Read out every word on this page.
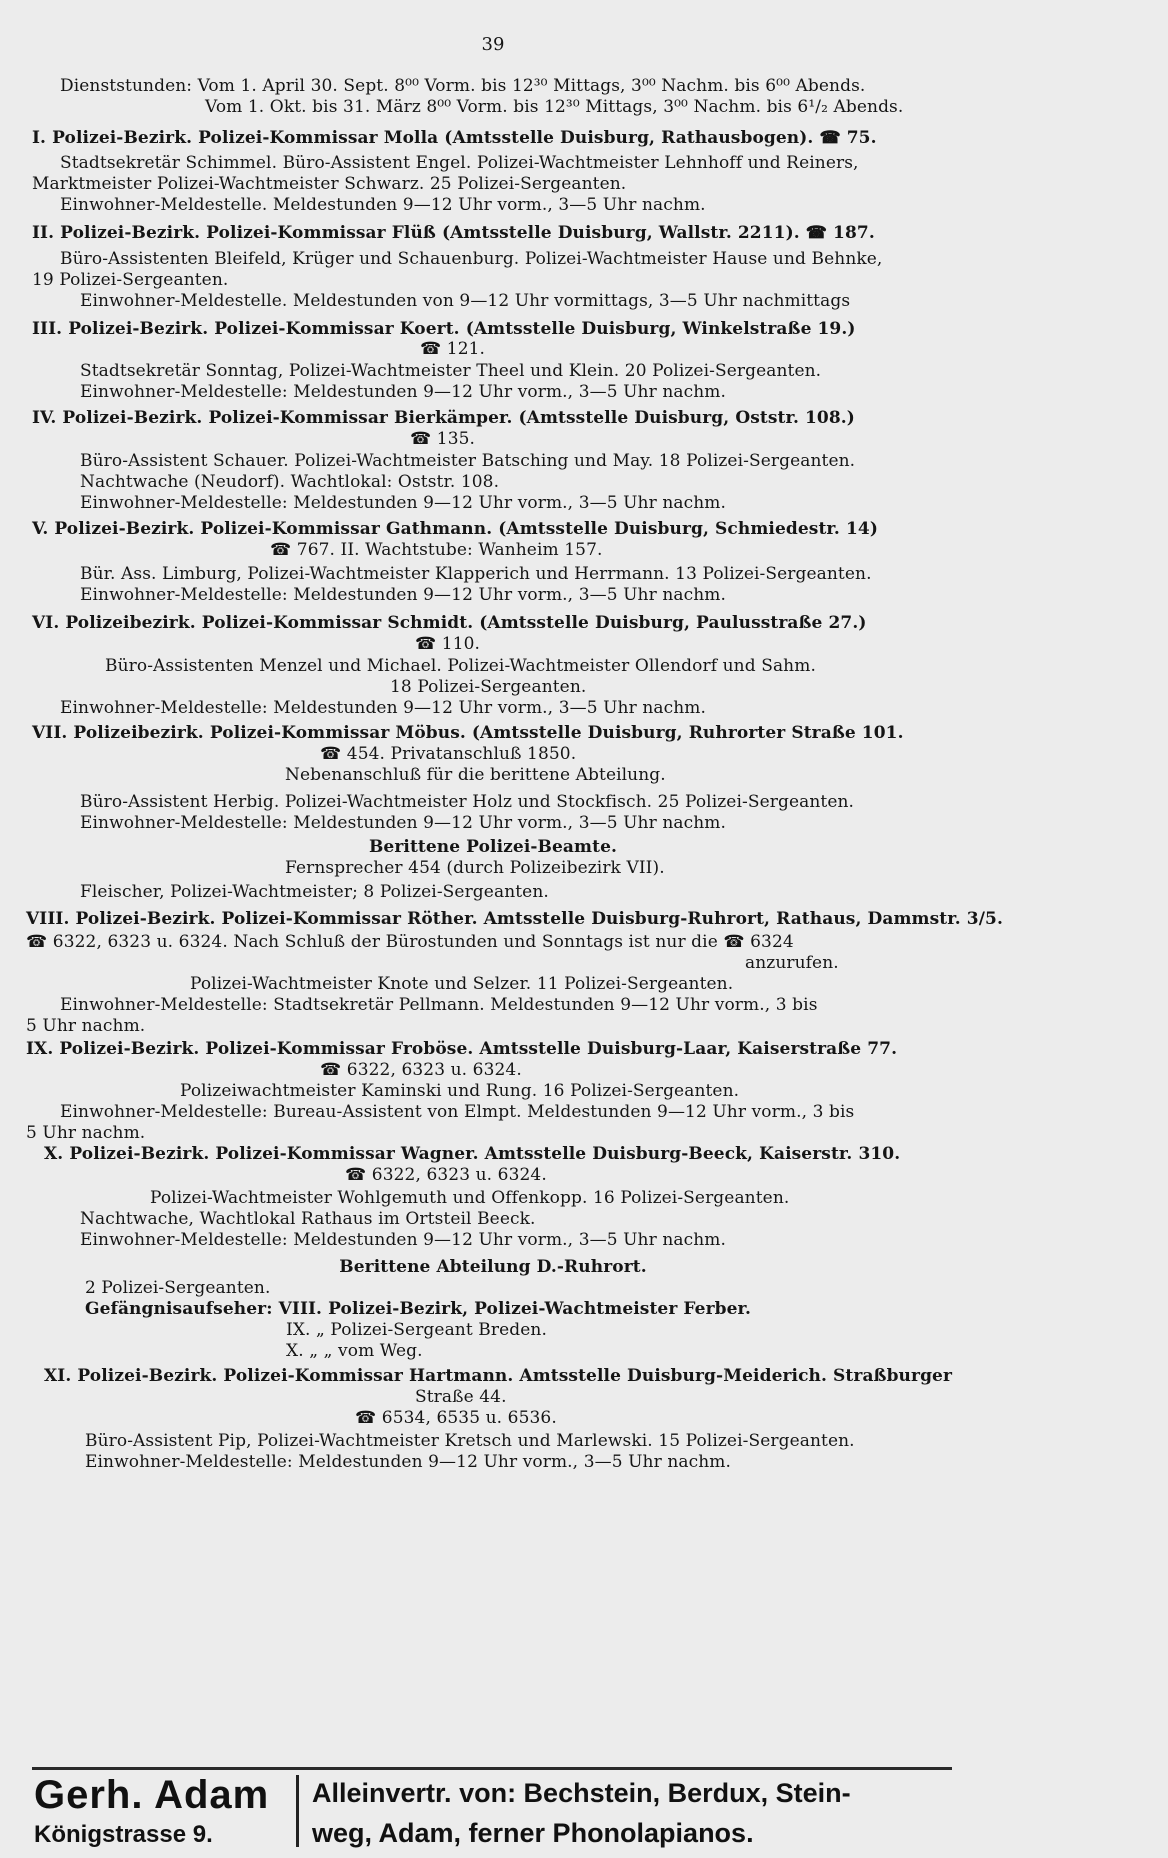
39
Dienststunden: Vom 1. April 30. Sept. 8⁰⁰ Vorm. bis 12³⁰ Mittags, 3⁰⁰ Nachm. bis 6⁰⁰ Abends.
Vom 1. Okt. bis 31. März 8⁰⁰ Vorm. bis 12³⁰ Mittags, 3⁰⁰ Nachm. bis 6¹/₂ Abends.
I. Polizei-Bezirk. Polizei-Kommissar Molla (Amtsstelle Duisburg, Rathausbogen). ☎ 75.
Stadtsekretär Schimmel. Büro-Assistent Engel. Polizei-Wachtmeister Lehnhoff und Reiners,
Marktmeister Polizei-Wachtmeister Schwarz. 25 Polizei-Sergeanten.
Einwohner-Meldestelle. Meldestunden 9—12 Uhr vorm., 3—5 Uhr nachm.
II. Polizei-Bezirk. Polizei-Kommissar Flüß (Amtsstelle Duisburg, Wallstr. 2211). ☎ 187.
Büro-Assistenten Bleifeld, Krüger und Schauenburg. Polizei-Wachtmeister Hause und Behnke,
19 Polizei-Sergeanten.
Einwohner-Meldestelle. Meldestunden von 9—12 Uhr vormittags, 3—5 Uhr nachmittags
III. Polizei-Bezirk. Polizei-Kommissar Koert. (Amtsstelle Duisburg, Winkelstraße 19.)
☎ 121.
Stadtsekretär Sonntag, Polizei-Wachtmeister Theel und Klein. 20 Polizei-Sergeanten.
Einwohner-Meldestelle: Meldestunden 9—12 Uhr vorm., 3—5 Uhr nachm.
IV. Polizei-Bezirk. Polizei-Kommissar Bierkämper. (Amtsstelle Duisburg, Oststr. 108.)
☎ 135.
Büro-Assistent Schauer. Polizei-Wachtmeister Batsching und May. 18 Polizei-Sergeanten.
Nachtwache (Neudorf). Wachtlokal: Oststr. 108.
Einwohner-Meldestelle: Meldestunden 9—12 Uhr vorm., 3—5 Uhr nachm.
V. Polizei-Bezirk. Polizei-Kommissar Gathmann. (Amtsstelle Duisburg, Schmiedestr. 14)
☎ 767. II. Wachtstube: Wanheim 157.
Bür. Ass. Limburg, Polizei-Wachtmeister Klapperich und Herrmann. 13 Polizei-Sergeanten.
Einwohner-Meldestelle: Meldestunden 9—12 Uhr vorm., 3—5 Uhr nachm.
VI. Polizeibezirk. Polizei-Kommissar Schmidt. (Amtsstelle Duisburg, Paulusstraße 27.)
☎ 110.
Büro-Assistenten Menzel und Michael. Polizei-Wachtmeister Ollendorf und Sahm.
18 Polizei-Sergeanten.
Einwohner-Meldestelle: Meldestunden 9—12 Uhr vorm., 3—5 Uhr nachm.
VII. Polizeibezirk. Polizei-Kommissar Möbus. (Amtsstelle Duisburg, Ruhrorter Straße 101.
☎ 454. Privatanschluß 1850.
Nebenanschluß für die berittene Abteilung.
Büro-Assistent Herbig. Polizei-Wachtmeister Holz und Stockfisch. 25 Polizei-Sergeanten.
Einwohner-Meldestelle: Meldestunden 9—12 Uhr vorm., 3—5 Uhr nachm.
Berittene Polizei-Beamte.
Fernsprecher 454 (durch Polizeibezirk VII).
Fleischer, Polizei-Wachtmeister; 8 Polizei-Sergeanten.
VIII. Polizei-Bezirk. Polizei-Kommissar Röther. Amtsstelle Duisburg-Ruhrort, Rathaus, Dammstr. 3/5.
☎ 6322, 6323 u. 6324. Nach Schluß der Bürostunden und Sonntags ist nur die ☎ 6324
anzurufen.
Polizei-Wachtmeister Knote und Selzer. 11 Polizei-Sergeanten.
Einwohner-Meldestelle: Stadtsekretär Pellmann. Meldestunden 9—12 Uhr vorm., 3 bis
5 Uhr nachm.
IX. Polizei-Bezirk. Polizei-Kommissar Froböse. Amtsstelle Duisburg-Laar, Kaiserstraße 77.
☎ 6322, 6323 u. 6324.
Polizeiwachtmeister Kaminski und Rung. 16 Polizei-Sergeanten.
Einwohner-Meldestelle: Bureau-Assistent von Elmpt. Meldestunden 9—12 Uhr vorm., 3 bis
5 Uhr nachm.
X. Polizei-Bezirk. Polizei-Kommissar Wagner. Amtsstelle Duisburg-Beeck, Kaiserstr. 310.
☎ 6322, 6323 u. 6324.
Polizei-Wachtmeister Wohlgemuth und Offenkopp. 16 Polizei-Sergeanten.
Nachtwache, Wachtlokal Rathaus im Ortsteil Beeck.
Einwohner-Meldestelle: Meldestunden 9—12 Uhr vorm., 3—5 Uhr nachm.
Berittene Abteilung D.-Ruhrort.
2 Polizei-Sergeanten.
Gefängnisaufseher: VIII. Polizei-Bezirk, Polizei-Wachtmeister Ferber.
IX. „ Polizei-Sergeant Breden.
X. „ „ vom Weg.
XI. Polizei-Bezirk. Polizei-Kommissar Hartmann. Amtsstelle Duisburg-Meiderich. Straßburger
Straße 44.
☎ 6534, 6535 u. 6536.
Büro-Assistent Pip, Polizei-Wachtmeister Kretsch und Marlewski. 15 Polizei-Sergeanten.
Einwohner-Meldestelle: Meldestunden 9—12 Uhr vorm., 3—5 Uhr nachm.
Gerh. Adam
Königstrasse 9.
Alleinvertr. von: Bechstein, Berdux, Stein-
weg, Adam, ferner Phonolapianos.
